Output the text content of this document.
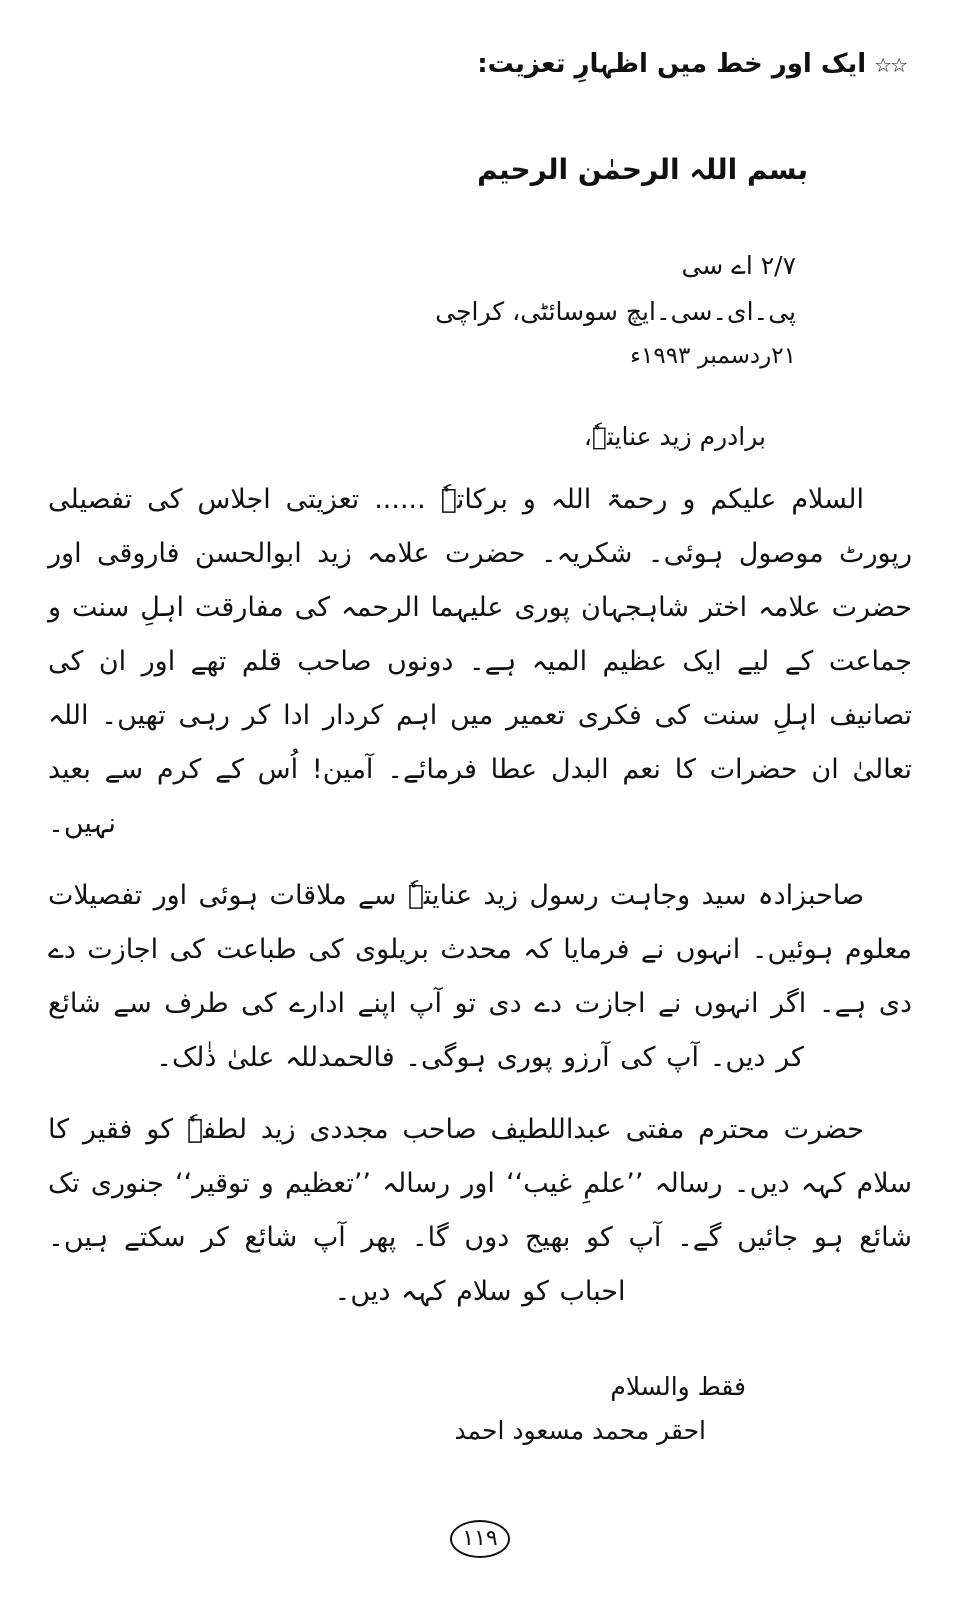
☆☆
ایک اور خط میں اظہارِ تعزیت:
بسم اللہ الرحمٰن الرحیم
۲/۷ اے سی
پی۔ای۔سی۔ایچ سوسائٹی، کراچی
۲۱ردسمبر ۱۹۹۳ء
برادرم زید عنایتہٗ،

السلام علیکم و رحمۃ اللہ و برکاتہٗ ...... تعزیتی اجلاس کی تفصیلی رپورٹ موصول ہوئی۔ شکریہ۔ حضرت علامہ زید ابوالحسن فاروقی اور حضرت علامہ اختر شاہجہان پوری علیہما الرحمہ کی مفارقت اہلِ سنت و جماعت کے لیے ایک عظیم المیہ ہے۔ دونوں صاحب قلم تھے اور ان کی تصانیف اہلِ سنت کی فکری تعمیر میں اہم کردار ادا کر رہی تھیں۔ اللہ تعالیٰ ان حضرات کا نعم البدل عطا فرمائے۔ آمین! اُس کے کرم سے بعید نہیں۔

صاحبزادہ سید وجاہت رسول زید عنایتہٗ سے ملاقات ہوئی اور تفصیلات معلوم ہوئیں۔ انہوں نے فرمایا کہ محدث بریلوی کی طباعت کی اجازت دے دی ہے۔ اگر انہوں نے اجازت دے دی تو آپ اپنے ادارے کی طرف سے شائع کر دیں۔ آپ کی آرزو پوری ہوگی۔ فالحمدللہ علیٰ ذٰلک۔

حضرت محترم مفتی عبداللطیف صاحب مجددی زید لطفہٗ کو فقیر کا سلام کہہ دیں۔ رسالہ ’’علمِ غیب‘‘ اور رسالہ ’’تعظیم و توقیر‘‘ جنوری تک شائع ہو جائیں گے۔ آپ کو بھیج دوں گا۔ پھر آپ شائع کر سکتے ہیں۔ احباب کو سلام کہہ دیں۔

فقط والسلام
احقر محمد مسعود احمد
۱۱۹
